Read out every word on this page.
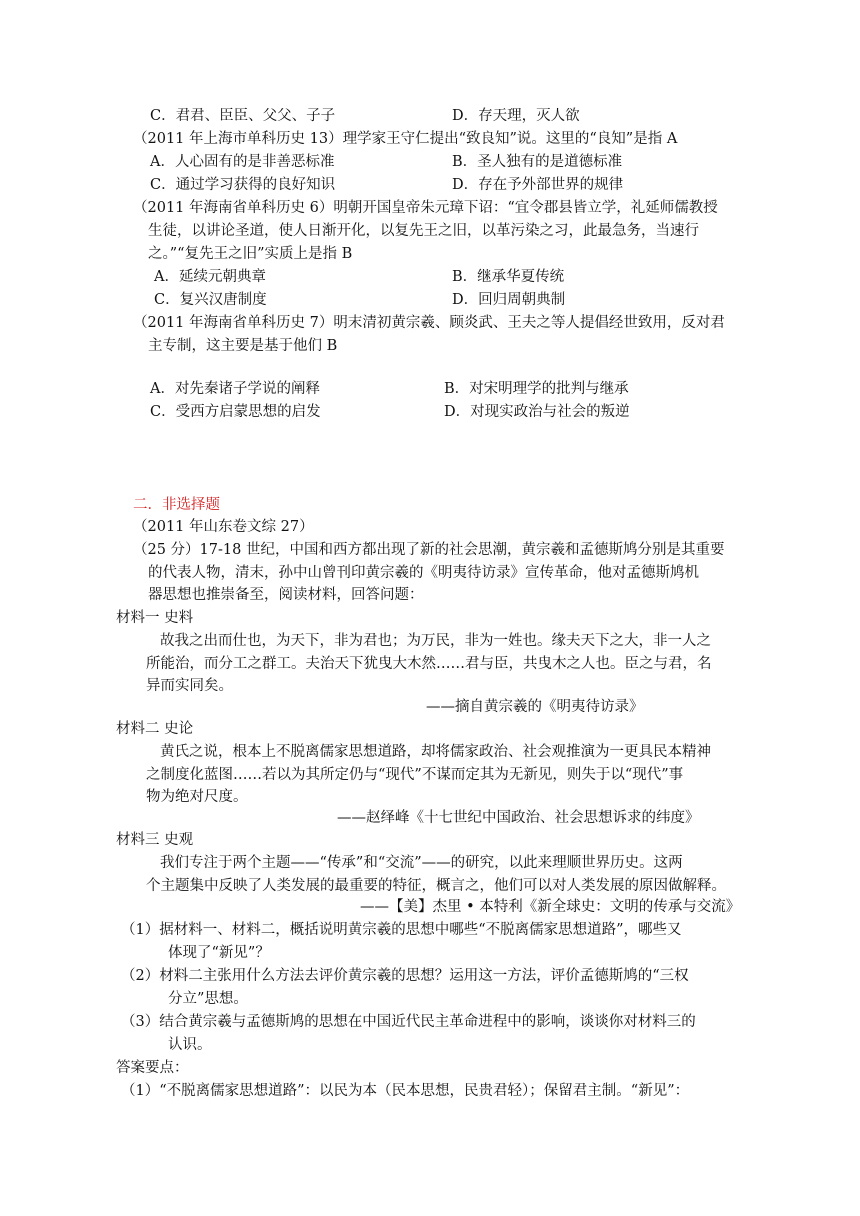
C．君君、臣臣、父父、子子	D．存天理，灭人欲
（2011 年上海市单科历史 13）理学家王守仁提出“致良知”说。这里的“良知”是指 A
A．人心固有的是非善恶标准	B．圣人独有的是道德标准
C．通过学习获得的良好知识	D．存在予外部世界的规律
（2011 年海南省单科历史 6）明朝开国皇帝朱元璋下诏：“宜令郡县皆立学，礼延师儒教授
生徒，以讲论圣道，使人日渐开化，以复先王之旧，以革污染之习，此最急务，当速行
之。”“复先王之旧”实质上是指 B
A．延续元朝典章	B．继承华夏传统
C．复兴汉唐制度	D．回归周朝典制
（2011 年海南省单科历史 7）明末清初黄宗羲、顾炎武、王夫之等人提倡经世致用，反对君
主专制，这主要是基于他们 B
A．对先秦诸子学说的阐释	B．对宋明理学的批判与继承
C．受西方启蒙思想的启发	D．对现实政治与社会的叛逆
二．非选择题
（2011 年山东卷文综 27）
（25 分）17-18 世纪，中国和西方都出现了新的社会思潮，黄宗羲和孟德斯鸠分别是其重要
的代表人物，清末，孙中山曾刊印黄宗羲的《明夷待访录》宣传革命，他对孟德斯鸠机
器思想也推崇备至，阅读材料，回答问题：
材料一 史料
故我之出而仕也，为天下，非为君也；为万民，非为一姓也。缘夫天下之大，非一人之
所能治，而分工之群工。夫治天下犹曳大木然……君与臣，共曳木之人也。臣之与君，名
异而实同矣。
——摘自黄宗羲的《明夷待访录》
材料二 史论
黄氏之说，根本上不脱离儒家思想道路，却将儒家政治、社会观推演为一更具民本精神
之制度化蓝图……若以为其所定仍与“现代”不谋而定其为无新见，则失于以“现代”事
物为绝对尺度。
——赵绎峰《十七世纪中国政治、社会思想诉求的纬度》
材料三 史观
我们专注于两个主题——“传承”和“交流”——的研究，以此来理顺世界历史。这两
个主题集中反映了人类发展的最重要的特征，概言之，他们可以对人类发展的原因做解释。
——【美】杰里 • 本特利《新全球史：文明的传承与交流》
（1）据材料一、材料二，概括说明黄宗羲的思想中哪些“不脱离儒家思想道路”，哪些又
体现了“新见”？
（2）材料二主张用什么方法去评价黄宗羲的思想？运用这一方法，评价孟德斯鸠的“三权
分立”思想。
（3）结合黄宗羲与孟德斯鸠的思想在中国近代民主革命进程中的影响，谈谈你对材料三的
认识。
答案要点：
（1）“不脱离儒家思想道路”：以民为本（民本思想，民贵君轻）；保留君主制。“新见”：
